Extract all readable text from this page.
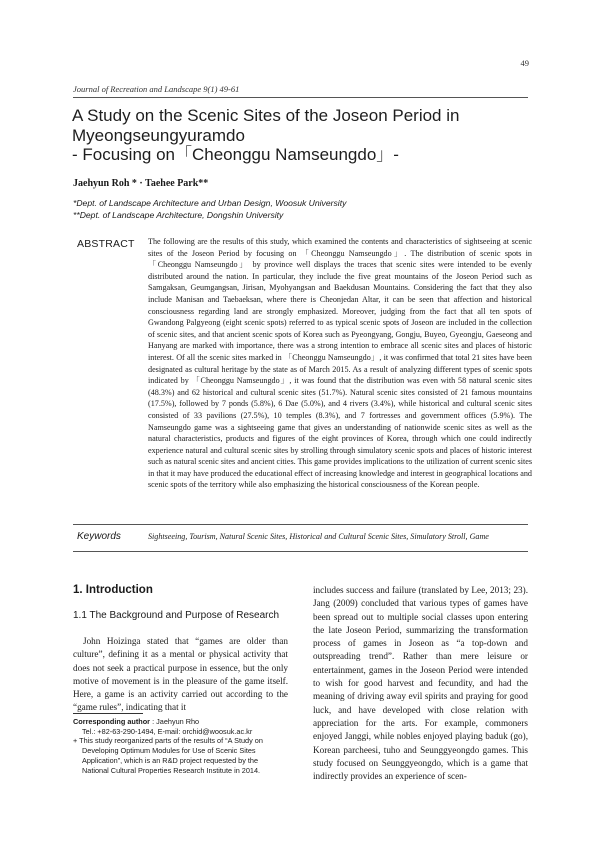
49
Journal of Recreation and Landscape 9(1) 49-61
A Study on the Scenic Sites of the Joseon Period in
Myeongseungyuramdo
- Focusing on「Cheonggu Namseungdo」-
Jaehyun Roh * · Taehee Park**
*Dept. of Landscape Architecture and Urban Design, Woosuk University
**Dept. of Landscape Architecture, Dongshin University
ABSTRACT The following are the results of this study, which examined the contents and characteristics of sightseeing at scenic sites of the Joseon Period by focusing on 「Cheonggu Namseungdo」. The distribution of scenic spots in 「Cheonggu Namseungdo」 by province well displays the traces that scenic sites were intended to be evenly distributed around the nation. In particular, they include the five great mountains of the Joseon Period such as Samgaksan, Geumgangsan, Jirisan, Myohyangsan and Baekdusan Mountains. Considering the fact that they also include Manisan and Taebaeksan, where there is Cheonjedan Altar, it can be seen that affection and historical consciousness regarding land are strongly emphasized. Moreover, judging from the fact that all ten spots of Gwandong Palgyeong (eight scenic spots) referred to as typical scenic spots of Joseon are included in the collection of scenic sites, and that ancient scenic spots of Korea such as Pyeongyang, Gongju, Buyeo, Gyeongju, Gaeseong and Hanyang are marked with importance, there was a strong intention to embrace all scenic sites and places of historic interest. Of all the scenic sites marked in 「Cheonggu Namseungdo」, it was confirmed that total 21 sites have been designated as cultural heritage by the state as of March 2015. As a result of analyzing different types of scenic spots indicated by 「Cheonggu Namseungdo」, it was found that the distribution was even with 58 natural scenic sites (48.3%) and 62 historical and cultural scenic sites (51.7%). Natural scenic sites consisted of 21 famous mountains (17.5%), followed by 7 ponds (5.8%), 6 Dae (5.0%), and 4 rivers (3.4%), while historical and cultural scenic sites consisted of 33 pavilions (27.5%), 10 temples (8.3%), and 7 fortresses and government offices (5.9%). The Namseungdo game was a sightseeing game that gives an understanding of nationwide scenic sites as well as the natural characteristics, products and figures of the eight provinces of Korea, through which one could indirectly experience natural and cultural scenic sites by strolling through simulatory scenic spots and places of historic interest such as natural scenic sites and ancient cities. This game provides implications to the utilization of current scenic sites in that it may have produced the educational effect of increasing knowledge and interest in geographical locations and scenic spots of the territory while also emphasizing the historical consciousness of the Korean people.

Keywords	Sightseeing, Tourism, Natural Scenic Sites, Historical and Cultural Scenic Sites, Simulatory Stroll, Game

1. Introduction

1.1 The Background and Purpose of Research

John Hoizinga stated that “games are older than culture”, defining it as a mental or physical activity that does not seek a practical purpose in essence, but the only motive of movement is in the pleasure of the game itself. Here, a game is an activity carried out according to the “game rules”, indicating that it

Corresponding author : Jaehyun Rho
Tel.: +82-63-290-1494, E-mail: orchid@woosuk.ac.kr
+ This study reorganized parts of the results of “A Study on
Developing Optimum Modules for Use of Scenic Sites
Application”, which is an R&D project requested by the
National Cultural Properties Research Institute in 2014.

includes success and failure (translated by Lee, 2013; 23). Jang (2009) concluded that various types of games have been spread out to multiple social classes upon entering the late Joseon Period, summarizing the transformation process of games in Joseon as “a top-down and outspreading trend”. Rather than mere leisure or entertainment, games in the Joseon Period were intended to wish for good harvest and fecundity, and had the meaning of driving away evil spirits and praying for good luck, and have developed with close relation with appreciation for the arts. For example, commoners enjoyed Janggi, while nobles enjoyed playing baduk (go), Korean parcheesi, tuho and Seunggyeongdo games. This study focused on Seunggyeongdo, which is a game that indirectly provides an experience of scen-
